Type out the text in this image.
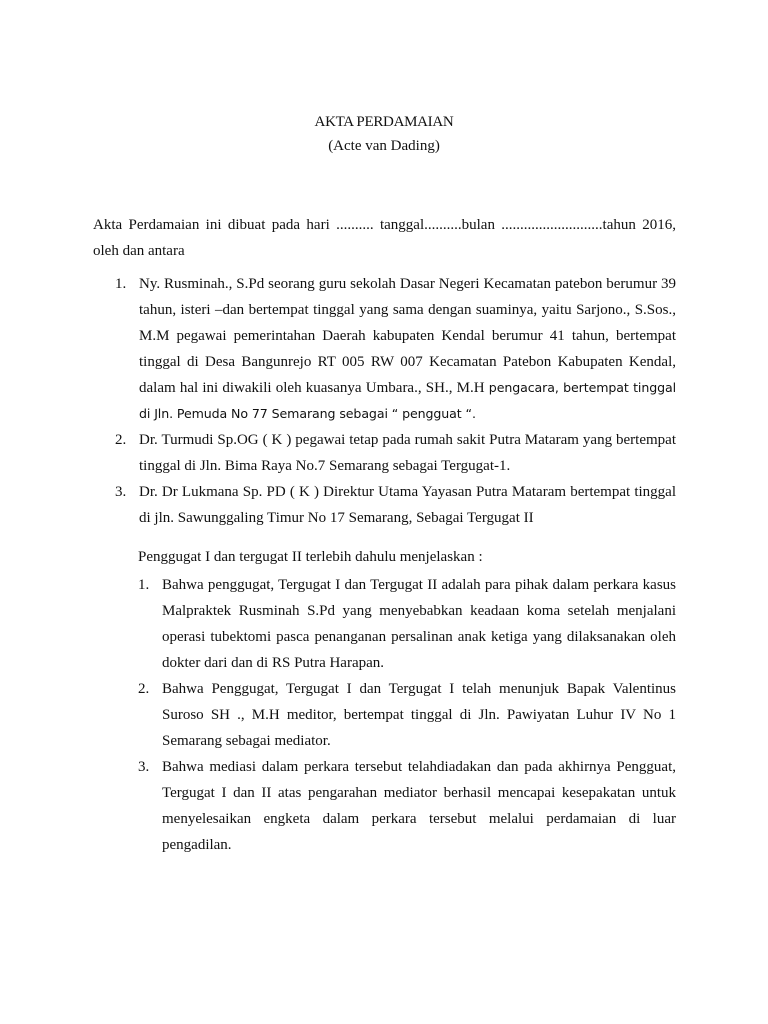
AKTA PERDAMAIAN
(Acte van Dading)
Akta Perdamaian ini dibuat pada hari .......... tanggal..........bulan ...........................tahun 2016, oleh dan antara
1. Ny. Rusminah., S.Pd seorang guru sekolah Dasar Negeri Kecamatan patebon berumur 39 tahun, isteri –dan bertempat tinggal yang sama dengan suaminya, yaitu Sarjono., S.Sos., M.M pegawai pemerintahan Daerah kabupaten Kendal berumur 41 tahun, bertempat tinggal di Desa Bangunrejo RT 005 RW 007 Kecamatan Patebon Kabupaten Kendal, dalam hal ini diwakili oleh kuasanya Umbara., SH., M.H pengacara, bertempat tinggal di Jln. Pemuda No 77 Semarang sebagai “ pengguat “.
2. Dr. Turmudi Sp.OG ( K ) pegawai tetap pada rumah sakit Putra Mataram yang bertempat tinggal di Jln. Bima Raya No.7 Semarang sebagai Tergugat-1.
3. Dr. Dr Lukmana Sp. PD ( K ) Direktur Utama Yayasan Putra Mataram bertempat tinggal di jln. Sawunggaling Timur No 17 Semarang, Sebagai Tergugat II
Penggugat I dan tergugat II terlebih dahulu menjelaskan :
1. Bahwa penggugat, Tergugat I dan Tergugat II adalah para pihak dalam perkara kasus Malpraktek Rusminah S.Pd yang menyebabkan keadaan koma setelah menjalani operasi tubektomi pasca penanganan persalinan anak ketiga yang dilaksanakan oleh dokter dari dan di RS Putra Harapan.
2. Bahwa Penggugat, Tergugat I dan Tergugat I telah menunjuk Bapak Valentinus Suroso SH ., M.H meditor, bertempat tinggal di Jln. Pawiyatan Luhur IV No 1 Semarang sebagai mediator.
3. Bahwa mediasi dalam perkara tersebut telahdiadakan dan pada akhirnya Pengguat, Tergugat I dan II atas pengarahan mediator berhasil mencapai kesepakatan untuk menyelesaikan engketa dalam perkara tersebut melalui perdamaian di luar pengadilan.
